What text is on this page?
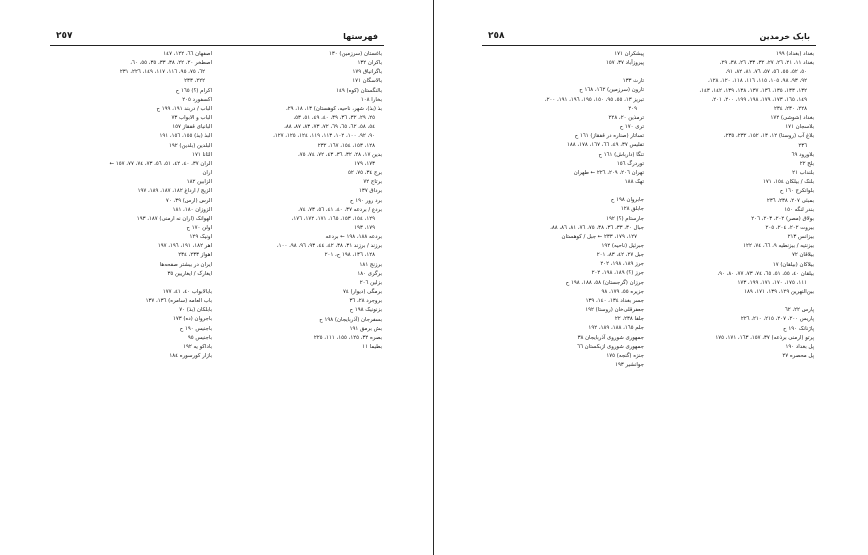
فهرستها
٢٥٧
باغستان (سرزمین) ١٣٠
باکران ١٣٢
باگرانیاق ١٧٩
بالاسگان ١٧١
بالنگستان (کوه) ١٤٩
بخارا ١٠٨
بذ (بذ)، شهر، ناحیه، کوهستان) ١٣، ١٨، ٢٩،
٢٥، ٢٩، ٣٢، ٣٦، ٣٩، ٤٠، ٤٩، ٥١، ٥٣،
٥٤، ٥٨، ٦٢، ٦٥، ٦٩، ٧٢، ٧٣، ٨٣، ٨٧، ٨٨،
٩٠، ٩٢، ١٠٠، ١٠٢، ١١٣، ١١٩، ١٢٤، ١٢٥، ١٢٧،
١٢٨، ١٥٣، ١٥٤، ١٦٧، ٢٣٢
بدین ١٧، ٢٨، ٣٢، ٣٦، ٤٣، ٧٢، ٧٤، ٧٥،
١٧٣، ١٧٩
برج ٣٤، ٧٥، ٥٢
برتاج ٧٢
برداق ١٣٧
برد رور ١٩٠ ح
بردع / بردعه ٣٧، ٤٠، ٤١، ٥٦، ٧٣، ٧٤،
١٢٩، ١٥٤، ١٥٣، ١٦٥، ١٧١، ١٧٢، ١٧٦،
١٧٩، ١٩٣
بردعه ١٨٨، ١٩٨ ← بردعه
برزند / برزند ٣١، ٣٨، ٤٢، ٤٤، ٩٣، ٩٦، ٩٨، ١٠٠،
١٢٨، ١٣٦، ١٩٨ ح، ٢٠١
برزنج ١٨١
برگری ١٨٠
بزلین ٢٠٦
برمگی (دیوار) ٧٤
بروجرد ٢٨، ٣٦
بزنونیک ١٩٨ ح
بسفرجان (آذربایجان) ١٩٨ ح
بش برمق ١٩١
بصره ٣٢، ١٢٥، ١٥٥، ١١١، ٢٢٥
بطیما ١١
اصفهان ٦٦، ١٢٢، ١٤٧
اصطخر ٢٠، ٢٢، ٣٨، ٣٣، ٣٥، ٥٥، ٦٠،
٦٢، ٧٥، ٩٥، ١١٦، ١١٧، ١٤٩، ٢٢٦، ٢٣١
٢٢٢، ٢٣٣
اکرام (؟) ١٦٥ ح
اکسفورد ٢٠٥
الباب / دربند ١٩١، ١٩٩ ح
الباب و الابواب ٧٣
البانیای قفقاز ١٥٧
البذ (بذ) ١٥٥، ١٥٦، ١٩١
البلدین (بلدین) ١٩٢
الثانا ١٧١
الران ٣٧، ٤٠، ٤٢، ٥١، ٥٦، ٧٣، ٧٤، ٧٧، ١٥٧ ←
اران
الزابین ١٨٢
الزیج / ارداغ ١٨٢، ١٨٧، ١٨٩، ١٩٧
الرس (ارس) ٣٩، ٧٠
الزوزان ١٨٠، ١٨١
الهوانک (اران نه ارمنی) ١٨٧، ١٩٣
اولن ١٧٠ ح
اونیک ١٢٩
اهر ١٨٢، ١٩١، ١٩٦، ١٩٧
اهواز ٢٣٣، ٢٣٤
ایران در بیشتر صفحه‌ها
ایغارک / ایغاریین ٣٥
بابالابواب ٤٠، ٤١، ١٧٧
باب العامه (سامره) ١٣٦، ١٣٧
بابلکان (بذ) ٧٠
باجروان (ده) ١٧٣
باجنیس ١٩٠ ح
باجنیس ٩٥
باداکو یه ١٩٢
بازار کورسوره ١٨٤
بابک خرمدین
٢٥٨
بغداد (بغداد) ١٩٩
بغداد ١١، ٢١، ٢٦، ٢٧، ٣٢، ٣٣، ٢٦، ٣٨، ٢٩،
٥٠، ٥٢، ٥٥، ٥٦، ٥٧، ٧٦، ٨١، ٨٢، ٩١،
٩٢، ٩٣، ٩٨، ١٠٥، ١١٥، ١١٦، ١١٨، ١٢٠، ١٢٨،
١٣٢، ١٣٣، ١٣٥، ١٣٦، ١٣٧، ١٣٨، ١٣٩، ١٤٢، ١٤٣،
١٤٩، ١٦٥، ١٧٣، ١٧٩، ١٩٨، ١٩٩، ٢٠٠، ٢٠١،
٢٢٨، ٢٣٠، ٢٣٤
بغداد (شوشی) ١٧٢
بلاسجان ١٧١
بلاغ آب (روستا) ١٢، ١٣، ١٥٢، ٢٣٢، ٢٣٥،
٢٣٦
بلاورود ٦٩
بلخ ٢٢
بلنداب ٢١
بلنک / بیلکان ١٥٤، ١٧١
بلوانکرج ١٦٠ ح
بمبئی ٢٠٧، ٢٣٨، ٢٣٦
بندر لنگه ١٥٠
بولاق (مصر) ٢٠٢، ٢٠٣، ٢٠٦
بیروت ٢٠٢، ٢٠٤، ٢٠٥
بیزانس ٢١٣
بیزنتیه / بیزنطیه ٩، ٦٦، ٧٤، ١٢٢
بیلاقان ٧٢
بیلاکان (بیلقان) ١٧
بیلقان ٤٠، ٥٥، ٥١، ٦٥، ٧٤، ٧٣، ٧٧، ٨٠، ٩٠،
١١١، ١٧٥، ١٧٠، ١٧١، ١٩٩، ١٧٣
بین‌النهرین ١٢٩، ١٣٩، ١٧١، ١٨٩
پارس ٢٢، ٦٢
پاریس ٢٠٠، ٢٠٧، ٢١٥، ٢١٠، ٢٢٦
پاژنانک ١٩٠ ح
پرتو (ارمنی برذعه) ٣٧، ١٥٧، ١٦٣، ١٧١، ١٧٥
پل بغداد ١٩٠
پل محصره ٢٧
پیشکران ١٧١
پیروزآباد ٣٧، ١٥٧
تارث ١٣٣
تارون (سرزمین) ١٦٢، ١٦٨ ح
تبریز ١٣، ٥٥، ٩٥، ١٥٠، ١٩٥، ١٩٦، ١٩١، ٢٠٠،
٢٠٩
ترمذین ٢٠، ٢٢٨
تری ١٧٠ ح
تساتار (صناره در قفقاز) ١٦١ ح
تفلیس ٣٧، ٤٩، ٦٦، ١٦٧، ١٧٨، ١٨٨
تنگا (دارباش) ١٦١ ح
توردرگ ١٥٦
تهران ٢٠٦، ٢٠٩، ٢٢٦ ← طهران
تهک ١٨٨
جابروان ١٩٨ ح
جابلق ١٢٨
جارستام (؟) ١٩٢
جبال ٣٠، ٣٣، ٣٦، ٣٨، ٧٥، ٧٦، ٨١، ٨٦، ٨٨،
١٢٧، ١٧٩، ٢٣٣ ← جبل / کوهستان
جبرئیل (ناحیه) ١٩٢
جبل ٢٧، ٤٢، ٨٣، ٢٠١
جرز ١٨٩، ١٩٨، ٢٠٢
جرز (؟) ١٨٩، ١٩٨، ٢٠٢
جرزان (گرجستان) ٥٨، ١٨٨، ١٩٨ ح
جزیره ٥٥، ١٧٩، ٩٨
جسر بغداد ١٣٤، ١٤٠، ١٣٩
جعفرقلی‌خان (روستا) ١٩٢
جلفا ٢٣٨، ٢٢
جلم ١٦٥، ١٨٨، ١٨٩، ١٩٢
جمهوری شوروی آذربایجان ٣٨
جمهوری شوروی ازبکستان ٦٦
جنزه (گنجه) ١٧٥
جوانشیر ١٩٣
